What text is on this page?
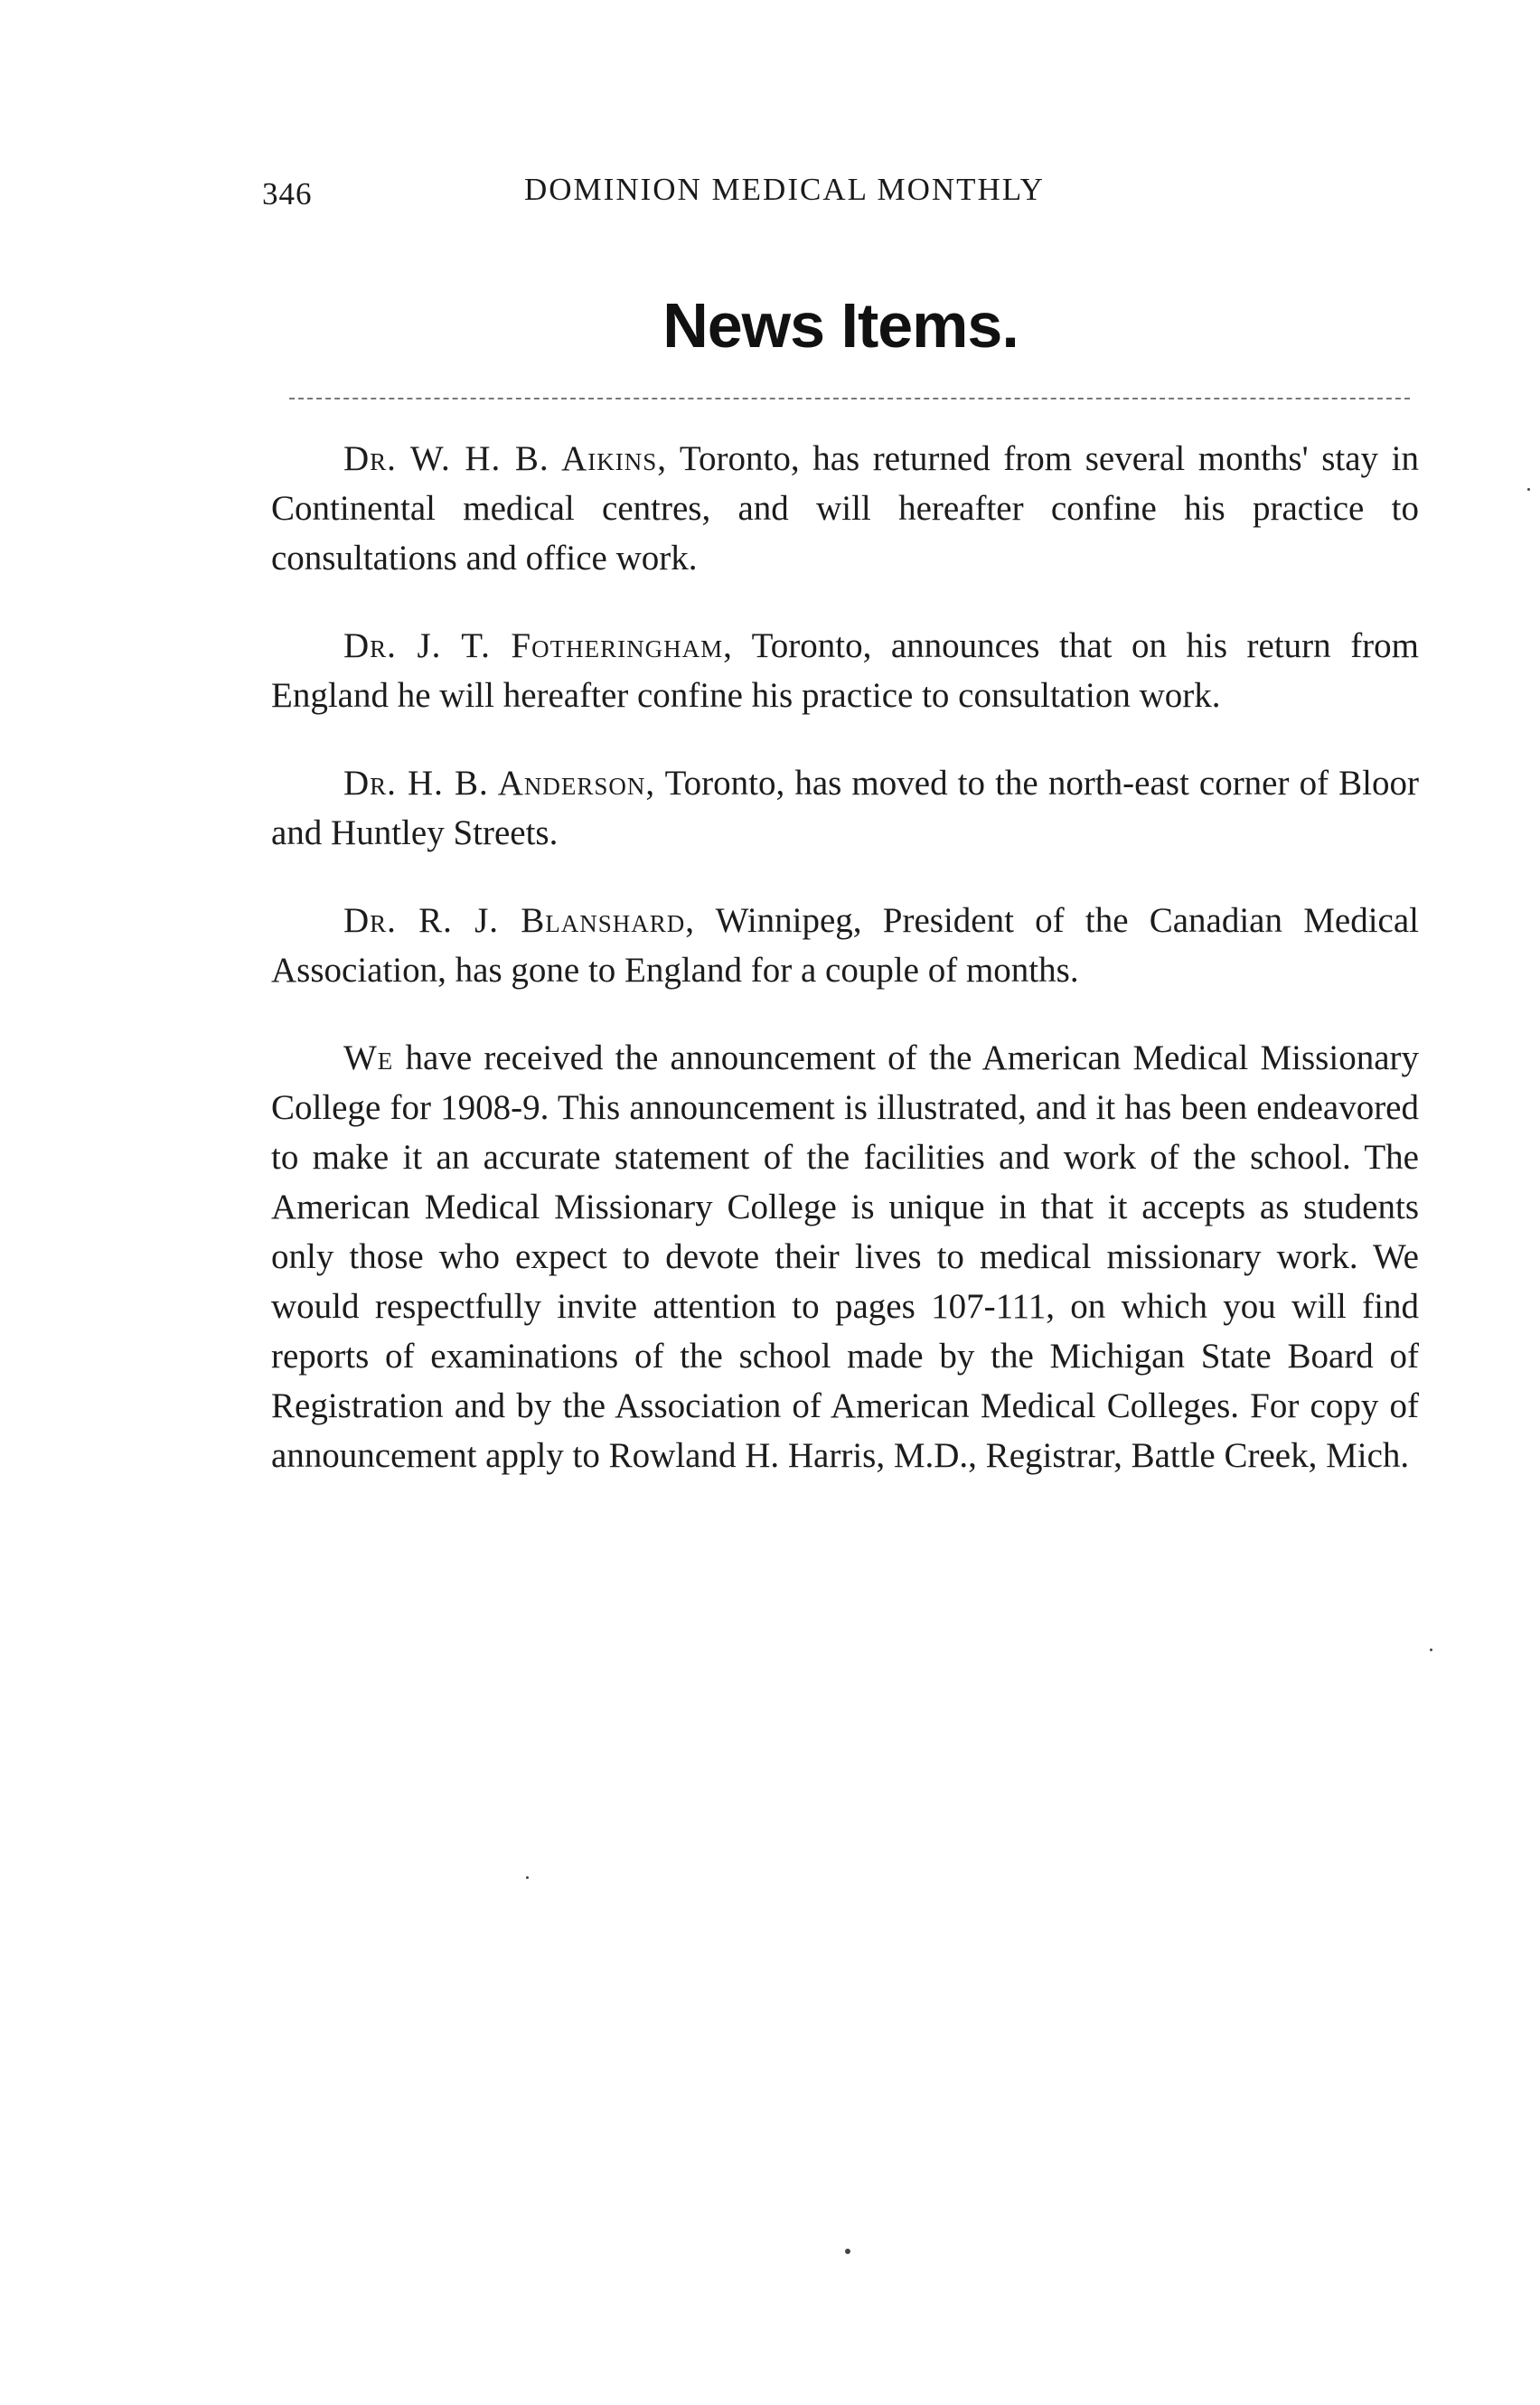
346	DOMINION MEDICAL MONTHLY
News Items.

Dr. W. H. B. Aikins, Toronto, has returned from several months' stay in Continental medical centres, and will hereafter confine his practice to consultations and office work.

Dr. J. T. Fotheringham, Toronto, announces that on his return from England he will hereafter confine his practice to consultation work.

Dr. H. B. Anderson, Toronto, has moved to the north-east corner of Bloor and Huntley Streets.

Dr. R. J. Blanshard, Winnipeg, President of the Canadian Medical Association, has gone to England for a couple of months.

We have received the announcement of the American Medical Missionary College for 1908-9. This announcement is illustrated, and it has been endeavored to make it an accurate statement of the facilities and work of the school. The American Medical Missionary College is unique in that it accepts as students only those who expect to devote their lives to medical missionary work. We would respectfully invite attention to pages 107-111, on which you will find reports of examinations of the school made by the Michigan State Board of Registration and by the Association of American Medical Colleges. For copy of announcement apply to Rowland H. Harris, M.D., Registrar, Battle Creek, Mich.
